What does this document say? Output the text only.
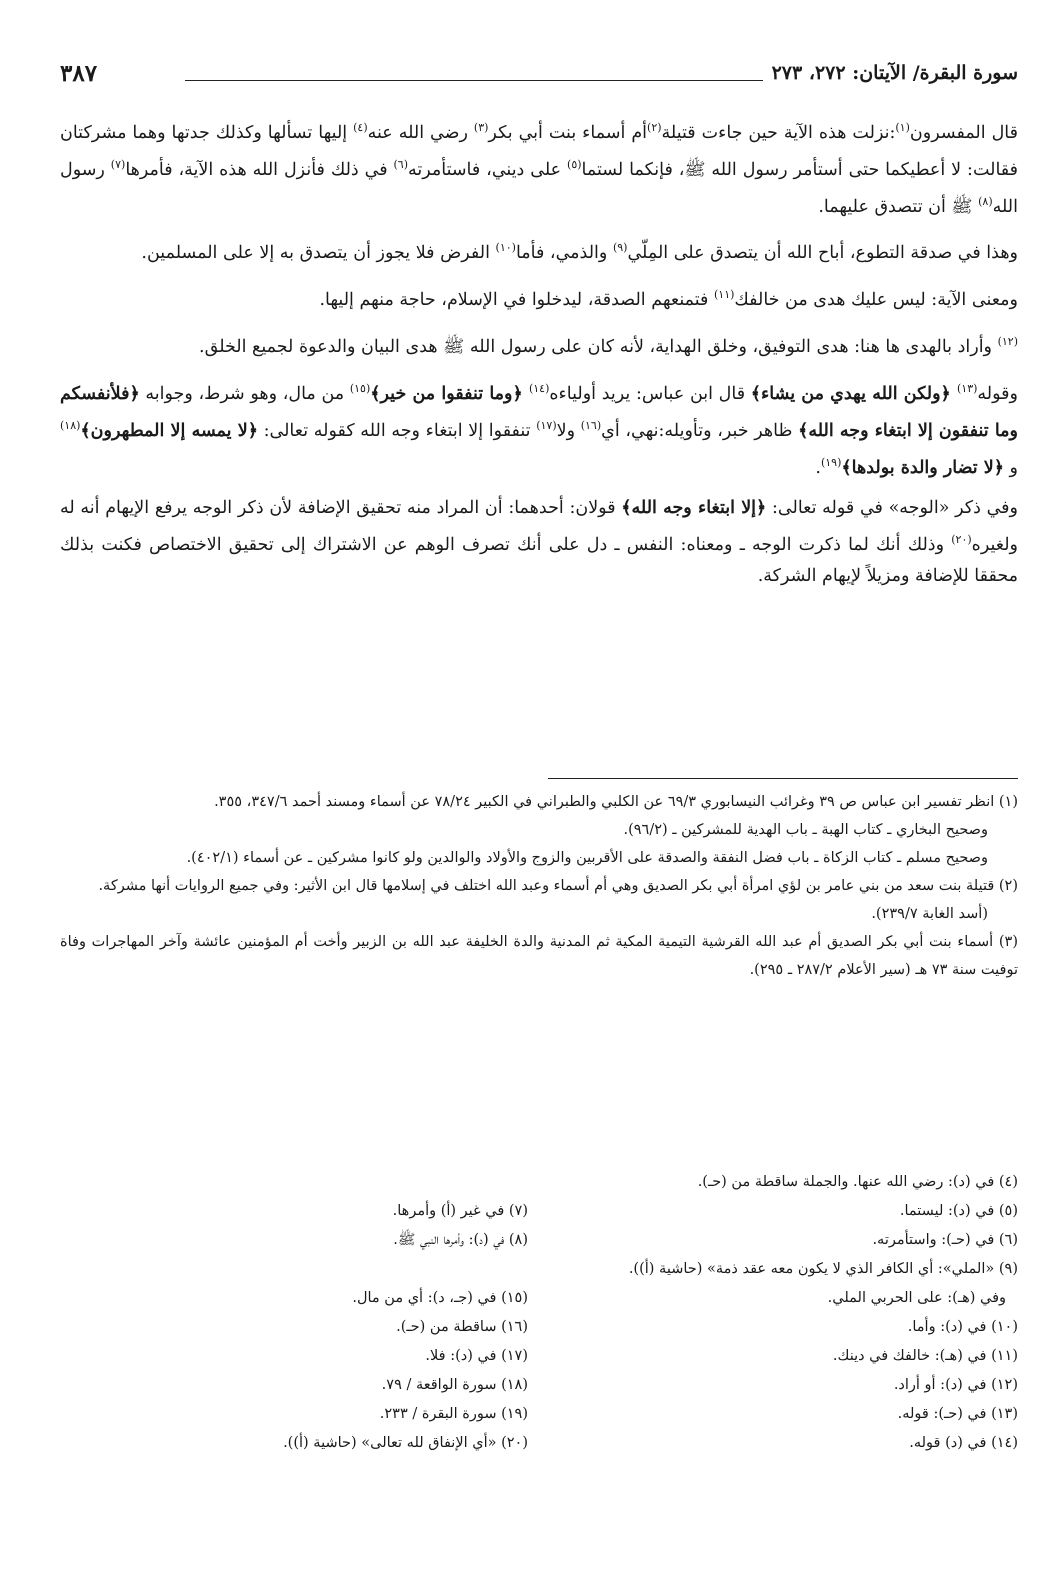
سورة البقرة/ الآيتان: ٢٧٢، ٢٧٣
٣٨٧

قال المفسرون$^{(١)}$:نزلت هذه الآية حين جاءت قتيلة$^{(٢)}$أم أسماء بنت أبي بكر$^{(٣)}$ رضي الله عنه$^{(٤)}$ إليها تسألها وكذلك جدتها وهما مشركتان فقالت: لا أعطيكما حتى أستأمر رسول الله ﷺ، فإنكما لستما$^{(٥)}$ على ديني، فاستأمرته$^{(٦)}$ في ذلك فأنزل الله هذه الآية، فأمرها$^{(٧)}$ رسول الله$^{(٨)}$ ﷺ أن تتصدق عليهما.

وهذا في صدقة التطوع، أباح الله أن يتصدق على المِلّي$^{(٩)}$ والذمي، فأما$^{(١٠)}$ الفرض فلا يجوز أن يتصدق به إلا على المسلمين.

ومعنى الآية: ليس عليك هدى من خالفك$^{(١١)}$ فتمنعهم الصدقة، ليدخلوا في الإسلام، حاجة منهم إليها.

$^{(١٢)}$ وأراد بالهدى ها هنا: هدى التوفيق، وخلق الهداية، لأنه كان على رسول الله ﷺ هدى البيان والدعوة لجميع الخلق.

وقوله$^{(١٣)}$ ﴿ولكن الله يهدي من يشاء﴾ قال ابن عباس: يريد أولياءه$^{(١٤)}$ ﴿وما تنفقوا من خير﴾$^{(١٥)}$ من مال، وهو شرط، وجوابه ﴿فلأنفسكم وما تنفقون إلا ابتغاء وجه الله﴾ ظاهر خبر، وتأويله:نهي، أي$^{(١٦)}$ ولا$^{(١٧)}$ تنفقوا إلا ابتغاء وجه الله كقوله تعالى: ﴿لا يمسه إلا المطهرون﴾$^{(١٨)}$ و ﴿لا تضار والدة بولدها﴾$^{(١٩)}$.

وفي ذكر «الوجه» في قوله تعالى: ﴿إلا ابتغاء وجه الله﴾ قولان: أحدهما: أن المراد منه تحقيق الإضافة لأن ذكر الوجه يرفع الإيهام أنه له ولغيره$^{(٢٠)}$ وذلك أنك لما ذكرت الوجه ـ ومعناه: النفس ـ دل على أنك تصرف الوهم عن الاشتراك إلى تحقيق الاختصاص فكنت بذلك محققا للإضافة ومزيلاً لإيهام الشركة.

(١) انظر تفسير ابن عباس ص ٣٩ وغرائب النيسابوري ٦٩/٣ عن الكلبي والطبراني في الكبير ٧٨/٢٤ عن أسماء ومسند أحمد ٣٤٧/٦، ٣٥٥.

وصحيح البخاري ـ كتاب الهبة ـ باب الهدية للمشركين ـ (٩٦/٢).

وصحيح مسلم ـ كتاب الزكاة ـ باب فضل النفقة والصدقة على الأقربين والزوج والأولاد والوالدين ولو كانوا مشركين ـ عن أسماء (٤٠٢/١).

(٢) قتيلة بنت سعد من بني عامر بن لؤي امرأة أبي بكر الصديق وهي أم أسماء وعبد الله اختلف في إسلامها قال ابن الأثير: وفي جميع الروايات أنها مشركة.

(أسد الغابة ٢٣٩/٧).

(٣) أسماء بنت أبي بكر الصديق أم عبد الله القرشية التيمية المكية ثم المدنية والدة الخليفة عبد الله بن الزبير وأخت أم المؤمنين عائشة وآخر المهاجرات وفاة توفيت سنة ٧٣ هـ (سير الأعلام ٢٨٧/٢ ـ ٢٩٥).

(٤) في (د): رضي الله عنها. والجملة ساقطة من (حـ).
(٥) في (د): ليستما.
(٦) في (حـ): واستأمرته.
(٩) «الملي»: أي الكافر الذي لا يكون معه عقد ذمة» (حاشية (أ)).
وفي (هـ): على الحربي الملي.
(١٠) في (د): وأما.
(١١) في (هـ): خالفك في دينك.
(١٢) في (د): أو أراد.
(١٣) في (حـ): قوله.
(١٤) في (د) قوله.
(٧) في غير (أ) وأمرها.
(٨) في (د): وأمرها النبي ﷺ.
(١٥) في (جـ، د): أي من مال.
(١٦) ساقطة من (حـ).
(١٧) في (د): فلا.
(١٨) سورة الواقعة / ٧٩.
(١٩) سورة البقرة / ٢٣٣.
(٢٠) «أي الإنفاق لله تعالى» (حاشية (أ)).
